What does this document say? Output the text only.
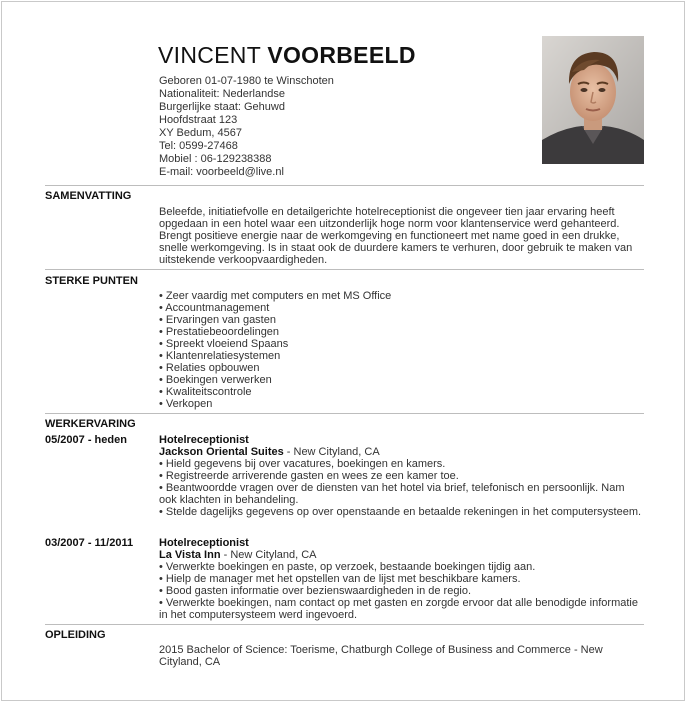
VINCENT VOORBEELD
Geboren 01-07-1980 te Winschoten
Nationaliteit: Nederlandse
Burgerlijke staat: Gehuwd
Hoofdstraat 123
XY Bedum, 4567
Tel: 0599-27468
Mobiel : 06-129238388
E-mail: voorbeeld@live.nl
SAMENVATTING
Beleefde, initiatiefvolle en detailgerichte hotelreceptionist die ongeveer tien jaar ervaring heeft opgedaan in een hotel waar een uitzonderlijk hoge norm voor klantenservice werd gehanteerd. Brengt positieve energie naar de werkomgeving en functioneert met name goed in een drukke, snelle werkomgeving. Is in staat ook de duurdere kamers te verhuren, door gebruik te maken van uitstekende verkoopvaardigheden.
STERKE PUNTEN
• Zeer vaardig met computers en met MS Office
• Accountmanagement
• Ervaringen van gasten
• Prestatiebeoordelingen
• Spreekt vloeiend Spaans
• Klantenrelatiesystemen
• Relaties opbouwen
• Boekingen verwerken
• Kwaliteitscontrole
• Verkopen
WERKERVARING
05/2007 - heden	Hotelreceptionist
Jackson Oriental Suites - New Cityland, CA
• Hield gegevens bij over vacatures, boekingen en kamers.
• Registreerde arriverende gasten en wees ze een kamer toe.
• Beantwoordde vragen over de diensten van het hotel via brief, telefonisch en persoonlijk. Nam ook klachten in behandeling.
• Stelde dagelijks gegevens op over openstaande en betaalde rekeningen in het computersysteem.
03/2007 - 11/2011 Hotelreceptionist
La Vista Inn - New Cityland, CA
• Verwerkte boekingen en paste, op verzoek, bestaande boekingen tijdig aan.
• Hielp de manager met het opstellen van de lijst met beschikbare kamers.
• Bood gasten informatie over bezienswaardigheden in de regio.
• Verwerkte boekingen, nam contact op met gasten en zorgde ervoor dat alle benodigde informatie in het computersysteem werd ingevoerd.
OPLEIDING
2015 Bachelor of Science: Toerisme, Chatburgh College of Business and Commerce - New Cityland, CA
